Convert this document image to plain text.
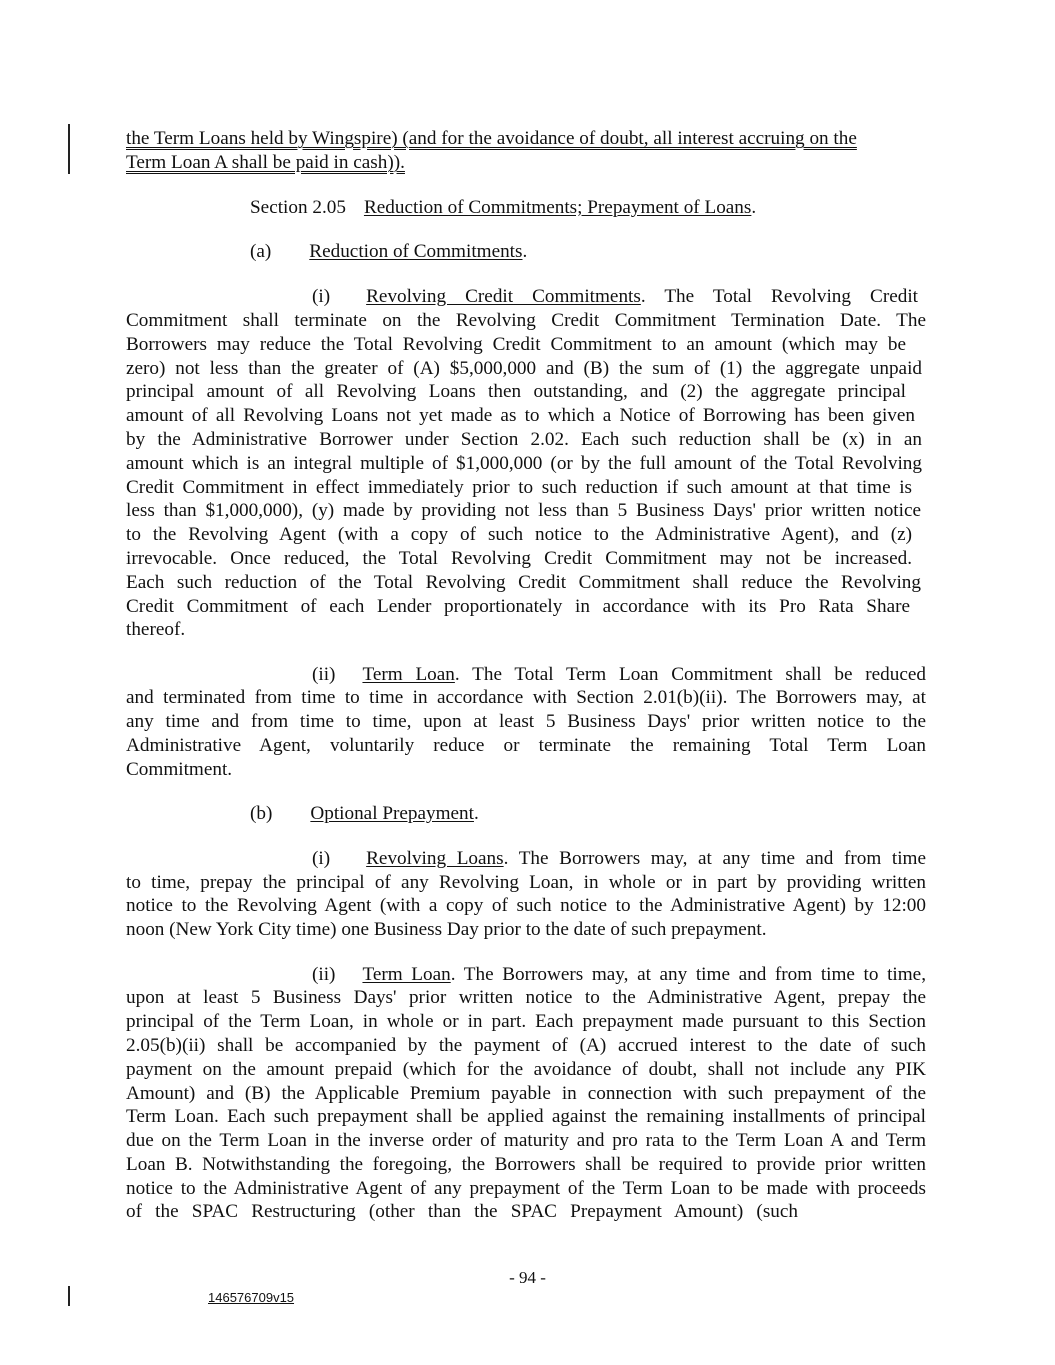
the Term Loans held by Wingspire) (and for the avoidance of doubt, all interest accruing on the
Term Loan A shall be paid in cash)).
Section 2.05 Reduction of Commitments; Prepayment of Loans.
(a) Reduction of Commitments.
(i) Revolving Credit Commitments. The Total Revolving Credit
Commitment shall terminate on the Revolving Credit Commitment Termination Date. The
Borrowers may reduce the Total Revolving Credit Commitment to an amount (which may be
zero) not less than the greater of (A) $5,000,000 and (B) the sum of (1) the aggregate unpaid
principal amount of all Revolving Loans then outstanding, and (2) the aggregate principal
amount of all Revolving Loans not yet made as to which a Notice of Borrowing has been given
by the Administrative Borrower under Section 2.02. Each such reduction shall be (x) in an
amount which is an integral multiple of $1,000,000 (or by the full amount of the Total Revolving
Credit Commitment in effect immediately prior to such reduction if such amount at that time is
less than $1,000,000), (y) made by providing not less than 5 Business Days' prior written notice
to the Revolving Agent (with a copy of such notice to the Administrative Agent), and (z)
irrevocable. Once reduced, the Total Revolving Credit Commitment may not be increased.
Each such reduction of the Total Revolving Credit Commitment shall reduce the Revolving
Credit Commitment of each Lender proportionately in accordance with its Pro Rata Share
thereof.
(ii) Term Loan. The Total Term Loan Commitment shall be reduced
and terminated from time to time in accordance with Section 2.01(b)(ii). The Borrowers may, at
any time and from time to time, upon at least 5 Business Days' prior written notice to the
Administrative Agent, voluntarily reduce or terminate the remaining Total Term Loan
Commitment.
(b) Optional Prepayment.
(i) Revolving Loans. The Borrowers may, at any time and from time
to time, prepay the principal of any Revolving Loan, in whole or in part by providing written
notice to the Revolving Agent (with a copy of such notice to the Administrative Agent) by 12:00
noon (New York City time) one Business Day prior to the date of such prepayment.
(ii) Term Loan. The Borrowers may, at any time and from time to time,
upon at least 5 Business Days' prior written notice to the Administrative Agent, prepay the
principal of the Term Loan, in whole or in part. Each prepayment made pursuant to this Section
2.05(b)(ii) shall be accompanied by the payment of (A) accrued interest to the date of such
payment on the amount prepaid (which for the avoidance of doubt, shall not include any PIK
Amount) and (B) the Applicable Premium payable in connection with such prepayment of the
Term Loan. Each such prepayment shall be applied against the remaining installments of principal
due on the Term Loan in the inverse order of maturity and pro rata to the Term Loan A and Term
Loan B. Notwithstanding the foregoing, the Borrowers shall be required to provide prior written
notice to the Administrative Agent of any prepayment of the Term Loan to be made with proceeds
of the SPAC Restructuring (other than the SPAC Prepayment Amount) (such
- 94 -
146576709v15
